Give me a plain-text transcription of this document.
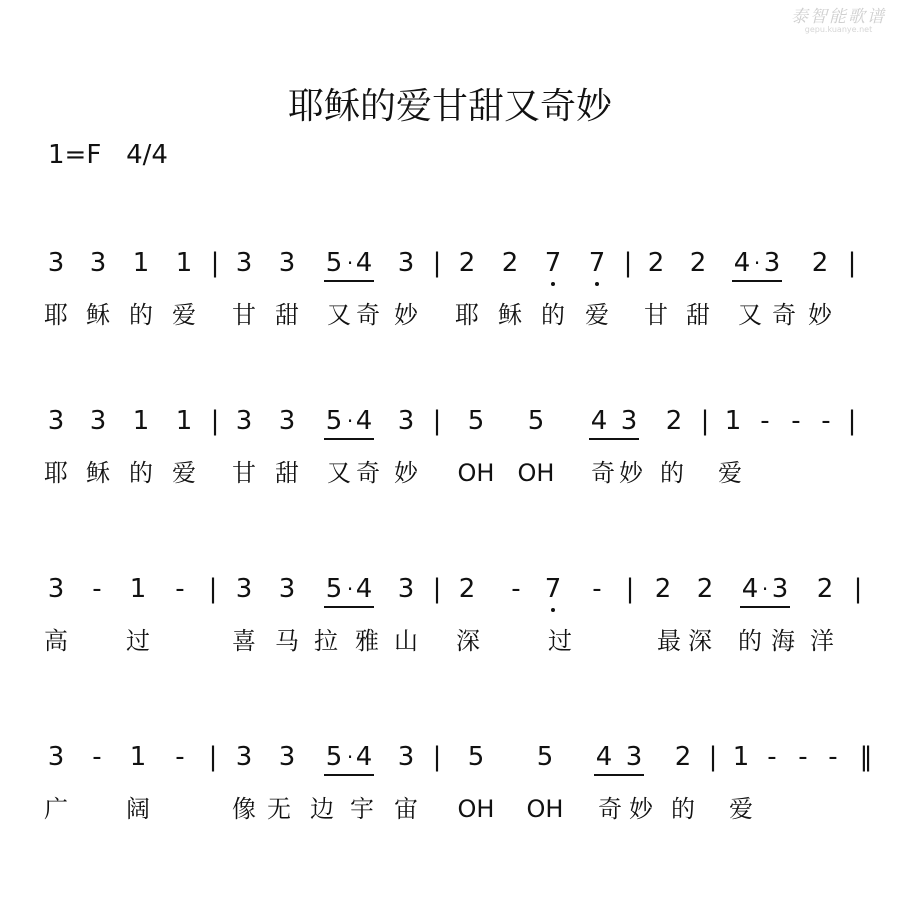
泰智能歌谱
gepu.kuanye.net
耶稣的爱甘甜又奇妙
1=F   4/4
3 3 1 1 | 3 3 5 · 4 3 | 2 2 7 7 | 2 2 4 · 3 2 |
耶 稣 的 爱 甘 甜 又 奇 妙 耶 稣 的 爱 甘 甜 又 奇 妙
3 3 1 1 | 3 3 5 · 4 3 | 5 5 4 3 2 | 1 - - - |
耶 稣 的 爱 甘 甜 又 奇 妙 OH OH 奇 妙 的 爱
3 - 1 - | 3 3 5 · 4 3 | 2 - 7 - | 2 2 4 · 3 2 |
高 过	喜 马 拉 雅 山 深	过	最 深 的 海 洋
3 - 1 - | 3 3 5 · 4 3 | 5 5 4 3 2 | 1 - - - ‖
广 阔	像 无 边 宇 宙 OH OH 奇 妙 的 爱
